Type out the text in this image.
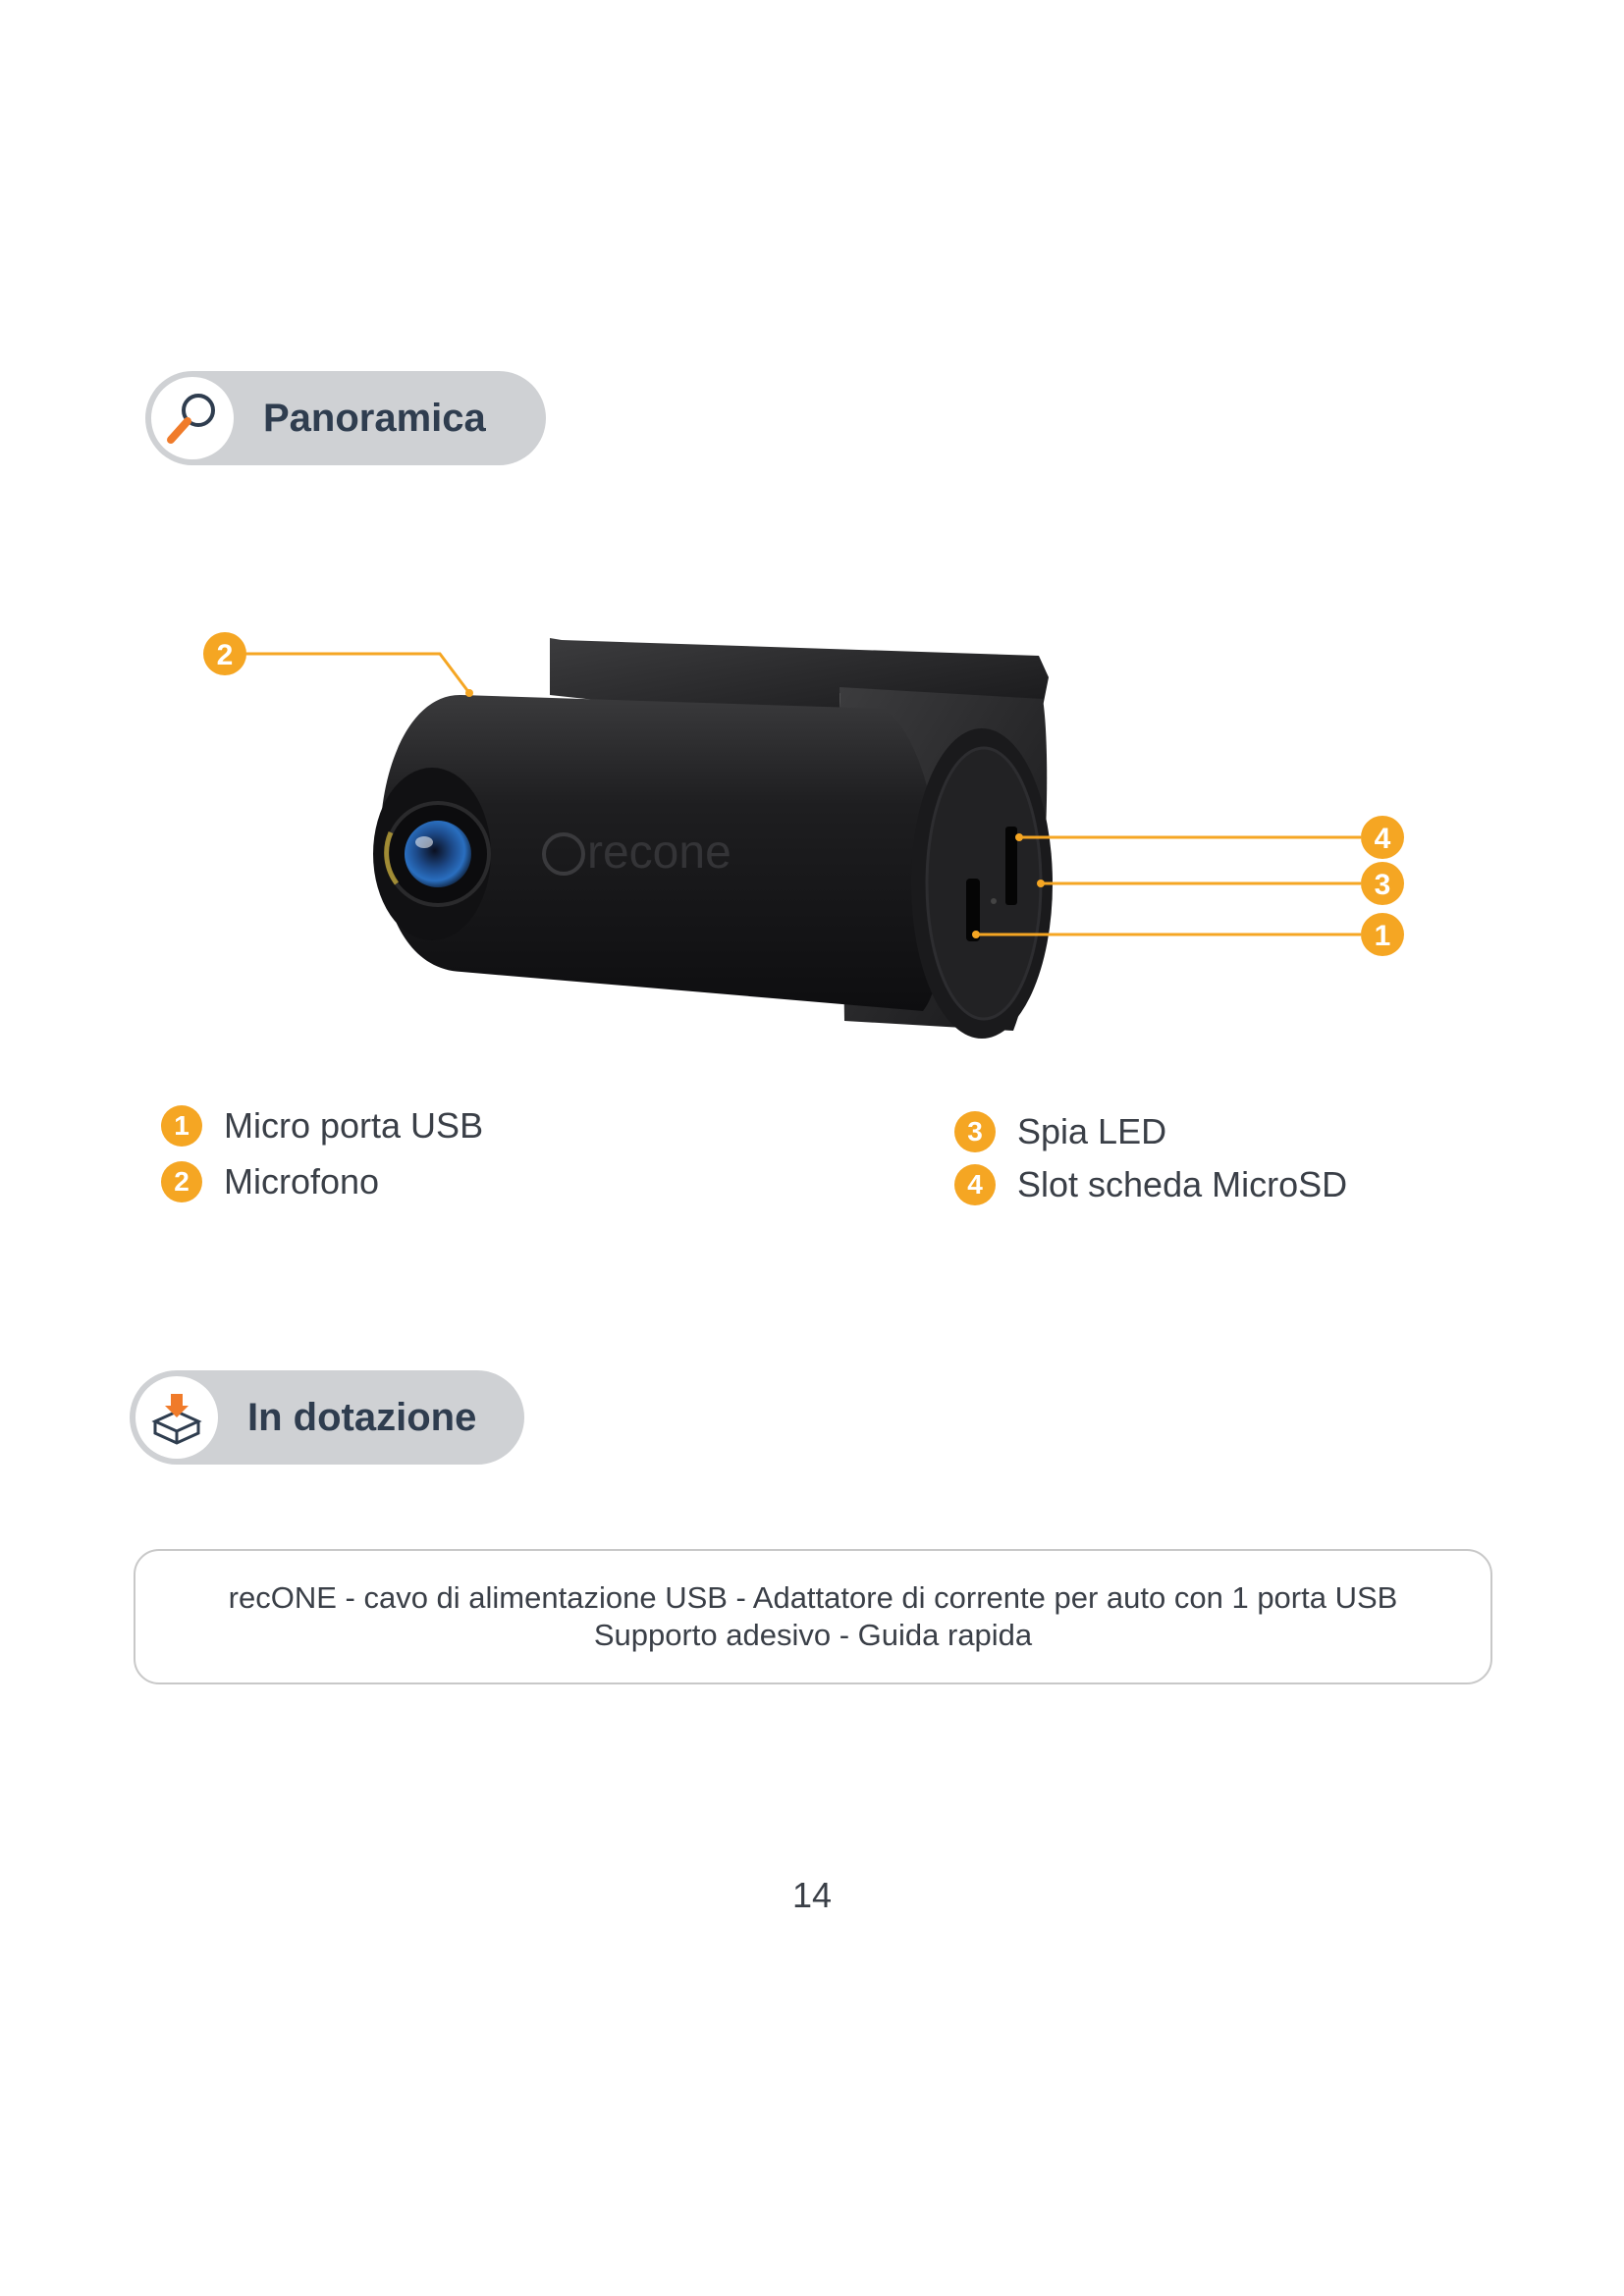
Panoramica
recone
2
4
3
1
1 Micro porta USB
2 Microfono
3 Spia LED
4 Slot scheda MicroSD
In dotazione
recONE - cavo di alimentazione USB - Adattatore di corrente per auto con 1 porta USB
Supporto adesivo - Guida rapida
14
